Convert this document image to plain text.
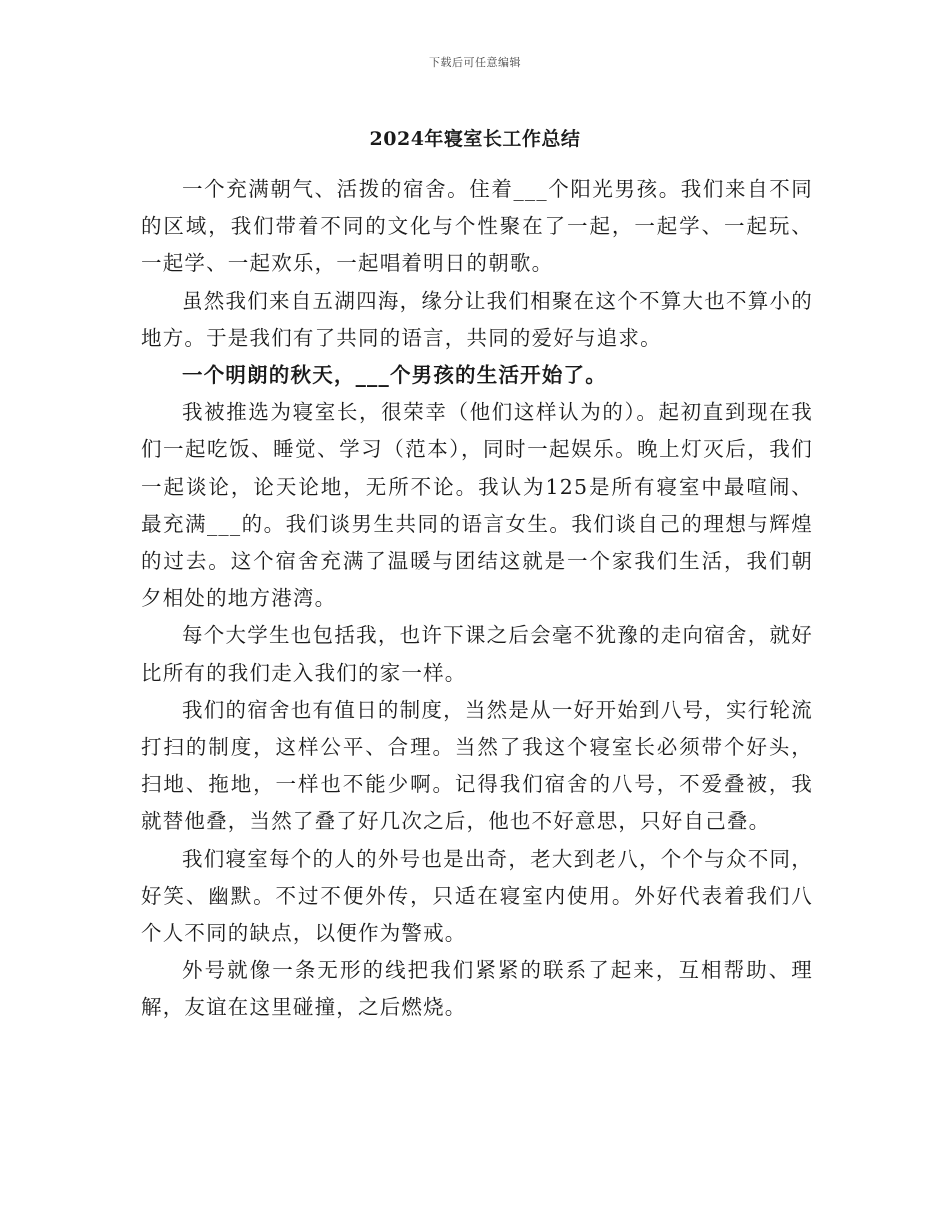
下载后可任意编辑
2024年寝室长工作总结

一个充满朝气、活拨的宿舍。住着___个阳光男孩。我们来自不同的区域，我们带着不同的文化与个性聚在了一起，一起学、一起玩、一起学、一起欢乐，一起唱着明日的朝歌。

虽然我们来自五湖四海，缘分让我们相聚在这个不算大也不算小的地方。于是我们有了共同的语言，共同的爱好与追求。

一个明朗的秋天，___个男孩的生活开始了。

我被推选为寝室长，很荣幸（他们这样认为的）。起初直到现在我们一起吃饭、睡觉、学习（范本），同时一起娱乐。晚上灯灭后，我们一起谈论，论天论地，无所不论。我认为125是所有寝室中最喧闹、最充满___的。我们谈男生共同的语言女生。我们谈自己的理想与辉煌的过去。这个宿舍充满了温暖与团结这就是一个家我们生活，我们朝夕相处的地方港湾。

每个大学生也包括我，也许下课之后会毫不犹豫的走向宿舍，就好比所有的我们走入我们的家一样。

我们的宿舍也有值日的制度，当然是从一好开始到八号，实行轮流打扫的制度，这样公平、合理。当然了我这个寝室长必须带个好头，扫地、拖地，一样也不能少啊。记得我们宿舍的八号，不爱叠被，我就替他叠，当然了叠了好几次之后，他也不好意思，只好自己叠。

我们寝室每个的人的外号也是出奇，老大到老八，个个与众不同，好笑、幽默。不过不便外传，只适在寝室内使用。外好代表着我们八个人不同的缺点，以便作为警戒。

外号就像一条无形的线把我们紧紧的联系了起来，互相帮助、理解，友谊在这里碰撞，之后燃烧。
